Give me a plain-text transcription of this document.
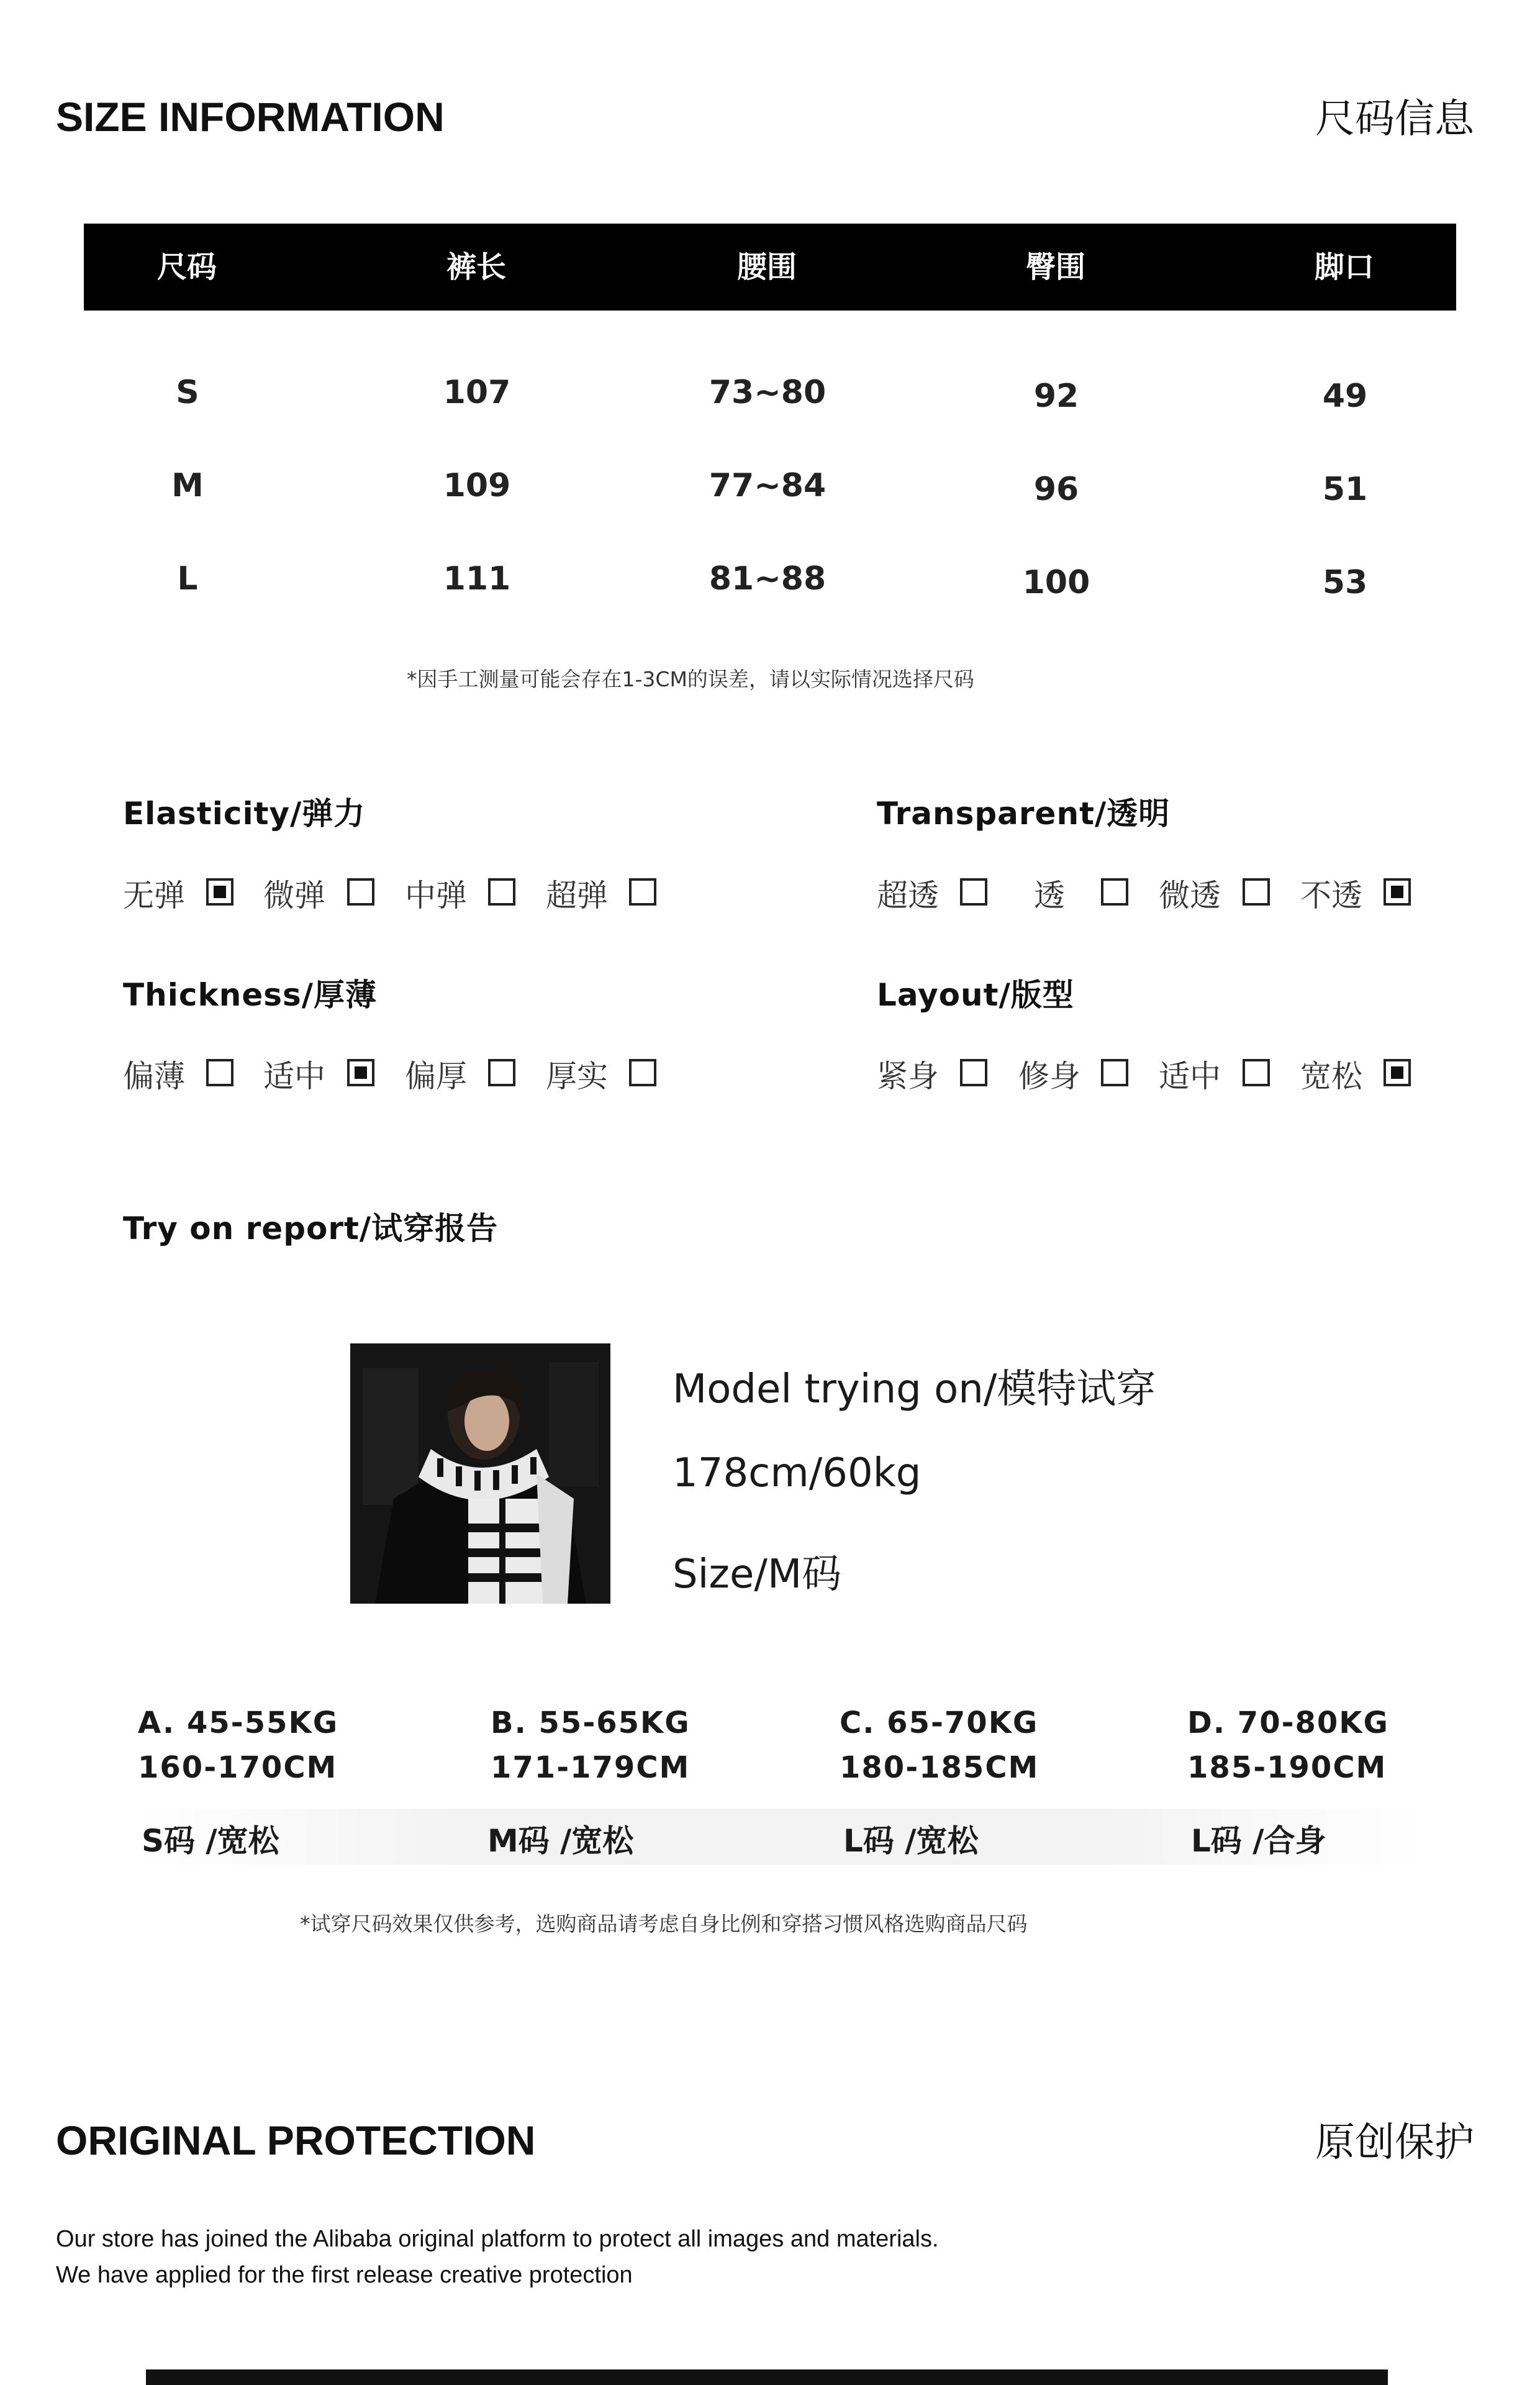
SIZE INFORMATION	尺码信息
尺码	裤长	腰围	臀围	脚口
S	107	73~80	92	49
M	109	77~84	96	51
L	111	81~88	100	53
*因手工测量可能会存在1-3CM的误差，请以实际情况选择尺码
Elasticity/弹力	Transparent/透明
Thickness/厚薄	Layout/版型
无弹	微弹	中弹	超弹	超透	透	微透	不透
偏薄	适中	偏厚	厚实	紧身	修身	适中	宽松
Try on report/试穿报告
Model trying on/模特试穿
178cm/60kg
Size/M码
A. 45-55KG
160-170CM
B. 55-65KG
171-179CM
C. 65-70KG
180-185CM
D. 70-80KG
185-190CM
S码 /宽松	M码 /宽松	L码 /宽松	L码 /合身
*试穿尺码效果仅供参考，选购商品请考虑自身比例和穿搭习惯风格选购商品尺码
ORIGINAL PROTECTION	原创保护
Our store has joined the Alibaba original platform to protect all images and materials.
We have applied for the first release creative protection
